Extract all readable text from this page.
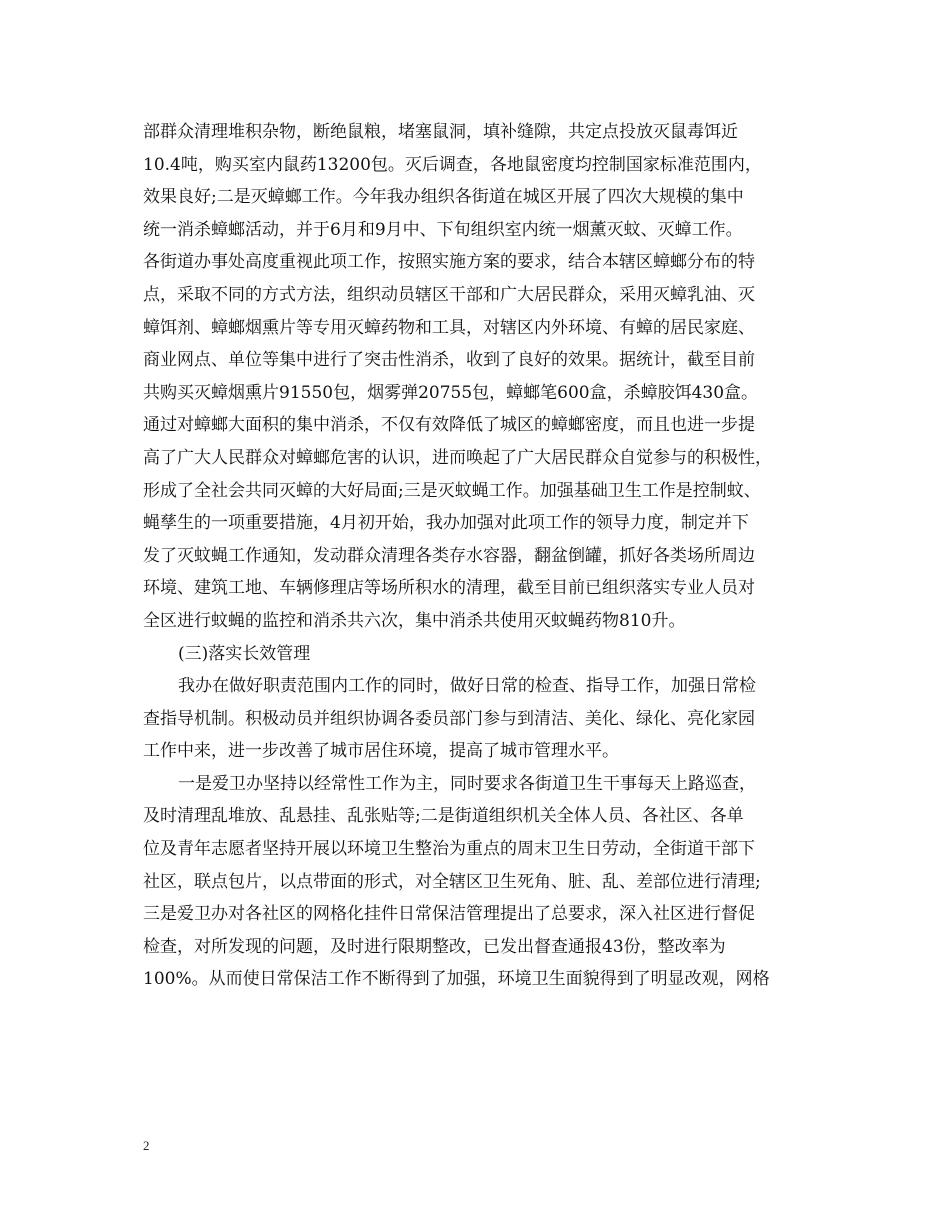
部群众清理堆积杂物，断绝鼠粮，堵塞鼠洞，填补缝隙，共定点投放灭鼠毒饵近
10.4吨，购买室内鼠药13200包。灭后调查，各地鼠密度均控制国家标准范围内，
效果良好;二是灭蟑螂工作。今年我办组织各街道在城区开展了四次大规模的集中
统一消杀蟑螂活动，并于6月和9月中、下旬组织室内统一烟薰灭蚊、灭蟑工作。
各街道办事处高度重视此项工作，按照实施方案的要求，结合本辖区蟑螂分布的特
点，采取不同的方式方法，组织动员辖区干部和广大居民群众，采用灭蟑乳油、灭
蟑饵剂、蟑螂烟熏片等专用灭蟑药物和工具，对辖区内外环境、有蟑的居民家庭、
商业网点、单位等集中进行了突击性消杀，收到了良好的效果。据统计，截至目前
共购买灭蟑烟熏片91550包，烟雾弹20755包，蟑螂笔600盒，杀蟑胶饵430盒。
通过对蟑螂大面积的集中消杀，不仅有效降低了城区的蟑螂密度，而且也进一步提
高了广大人民群众对蟑螂危害的认识，进而唤起了广大居民群众自觉参与的积极性，
形成了全社会共同灭蟑的大好局面;三是灭蚊蝇工作。加强基础卫生工作是控制蚊、
蝇孳生的一项重要措施，4月初开始，我办加强对此项工作的领导力度，制定并下
发了灭蚊蝇工作通知，发动群众清理各类存水容器，翻盆倒罐，抓好各类场所周边
环境、建筑工地、车辆修理店等场所积水的清理，截至目前已组织落实专业人员对
全区进行蚊蝇的监控和消杀共六次，集中消杀共使用灭蚊蝇药物810升。
(三)落实长效管理
我办在做好职责范围内工作的同时，做好日常的检查、指导工作，加强日常检
查指导机制。积极动员并组织协调各委员部门参与到清洁、美化、绿化、亮化家园
工作中来，进一步改善了城市居住环境，提高了城市管理水平。
一是爱卫办坚持以经常性工作为主，同时要求各街道卫生干事每天上路巡查，
及时清理乱堆放、乱悬挂、乱张贴等;二是街道组织机关全体人员、各社区、各单
位及青年志愿者坚持开展以环境卫生整治为重点的周末卫生日劳动，全街道干部下
社区，联点包片，以点带面的形式，对全辖区卫生死角、脏、乱、差部位进行清理;
三是爱卫办对各社区的网格化挂件日常保洁管理提出了总要求，深入社区进行督促
检查，对所发现的问题，及时进行限期整改，已发出督查通报43份，整改率为
100%。从而使日常保洁工作不断得到了加强，环境卫生面貌得到了明显改观，网格
2
